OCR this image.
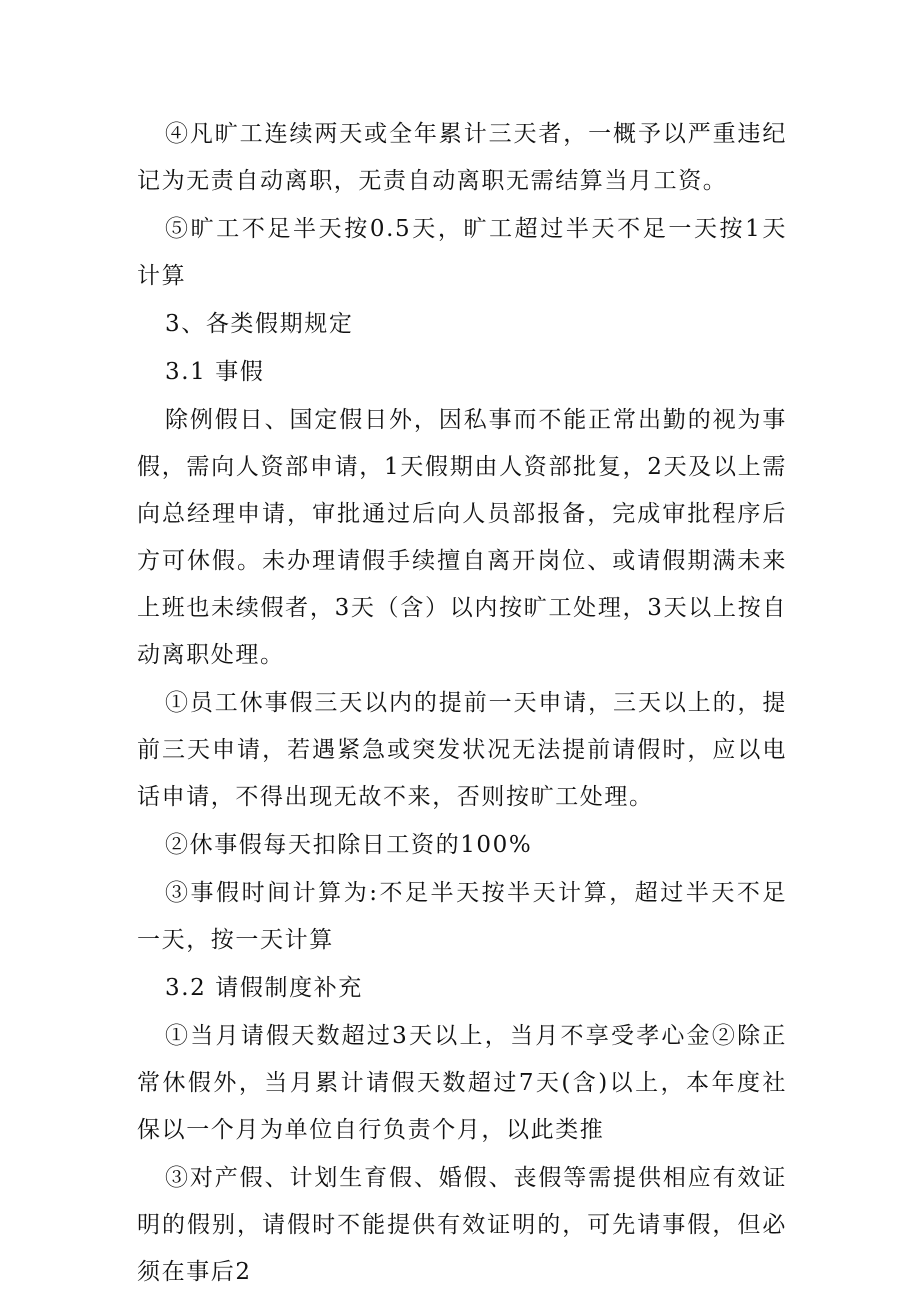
④凡旷工连续两天或全年累计三天者，一概予以严重违纪记为无责自动离职，无责自动离职无需结算当月工资。

⑤旷工不足半天按0.5天，旷工超过半天不足一天按1天计算

3、各类假期规定

3.1 事假

除例假日、国定假日外，因私事而不能正常出勤的视为事假，需向人资部申请，1天假期由人资部批复，2天及以上需向总经理申请，审批通过后向人员部报备，完成审批程序后方可休假。未办理请假手续擅自离开岗位、或请假期满未来上班也未续假者，3天（含）以内按旷工处理，3天以上按自动离职处理。

①员工休事假三天以内的提前一天申请，三天以上的，提前三天申请，若遇紧急或突发状况无法提前请假时，应以电话申请，不得出现无故不来，否则按旷工处理。

②休事假每天扣除日工资的100%

③事假时间计算为:不足半天按半天计算，超过半天不足一天，按一天计算

3.2 请假制度补充

①当月请假天数超过3天以上，当月不享受孝心金②除正常休假外，当月累计请假天数超过7天(含)以上，本年度社保以一个月为单位自行负责个月，以此类推

③对产假、计划生育假、婚假、丧假等需提供相应有效证明的假别，请假时不能提供有效证明的，可先请事假，但必须在事后2
